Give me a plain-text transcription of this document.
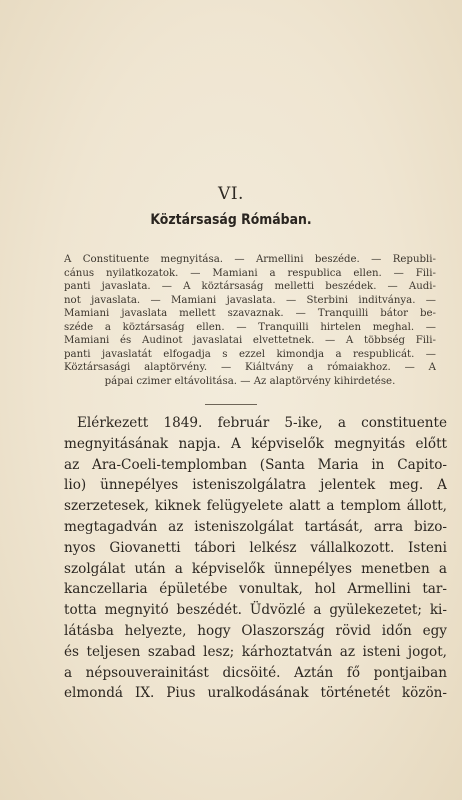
VI.
Köztársaság Rómában.
A Constituente megnyitása. — Armellini beszéde. — Republi-
cánus nyilatkozatok. — Mamiani a respublica ellen. — Fili-
panti javaslata. — A köztársaság melletti beszédek. — Audi-
not javaslata. — Mamiani javaslata. — Sterbini inditványa. —
Mamiani javaslata mellett szavaznak. — Tranquilli bátor be-
széde a köztársaság ellen. — Tranquilli hirtelen meghal. —
Mamiani és Audinot javaslatai elvettetnek. — A többség Fili-
panti javaslatát elfogadja s ezzel kimondja a respublicát. —
Köztársasági alaptörvény. — Kiáltvány a rómaiakhoz. — A
pápai czimer eltávolitása. — Az alaptörvény kihirdetése.
Elérkezett 1849. február 5-ike, a constituente
megnyitásának napja. A képviselők megnyitás előtt
az Ara-Coeli-templomban (Santa Maria in Capito-
lio) ünnepélyes isteniszolgálatra jelentek meg. A
szerzetesek, kiknek felügyelete alatt a templom állott,
megtagadván az isteniszolgálat tartását, arra bizo-
nyos Giovanetti tábori lelkész vállalkozott. Isteni
szolgálat után a képviselők ünnepélyes menetben a
kanczellaria épületébe vonultak, hol Armellini tar-
totta megnyitó beszédét. Üdvözlé a gyülekezetet; ki-
látásba helyezte, hogy Olaszország rövid időn egy
és teljesen szabad lesz; kárhoztatván az isteni jogot,
a népsouverainitást dicsöité. Aztán fő pontjaiban
elmondá IX. Pius uralkodásának történetét közön-
